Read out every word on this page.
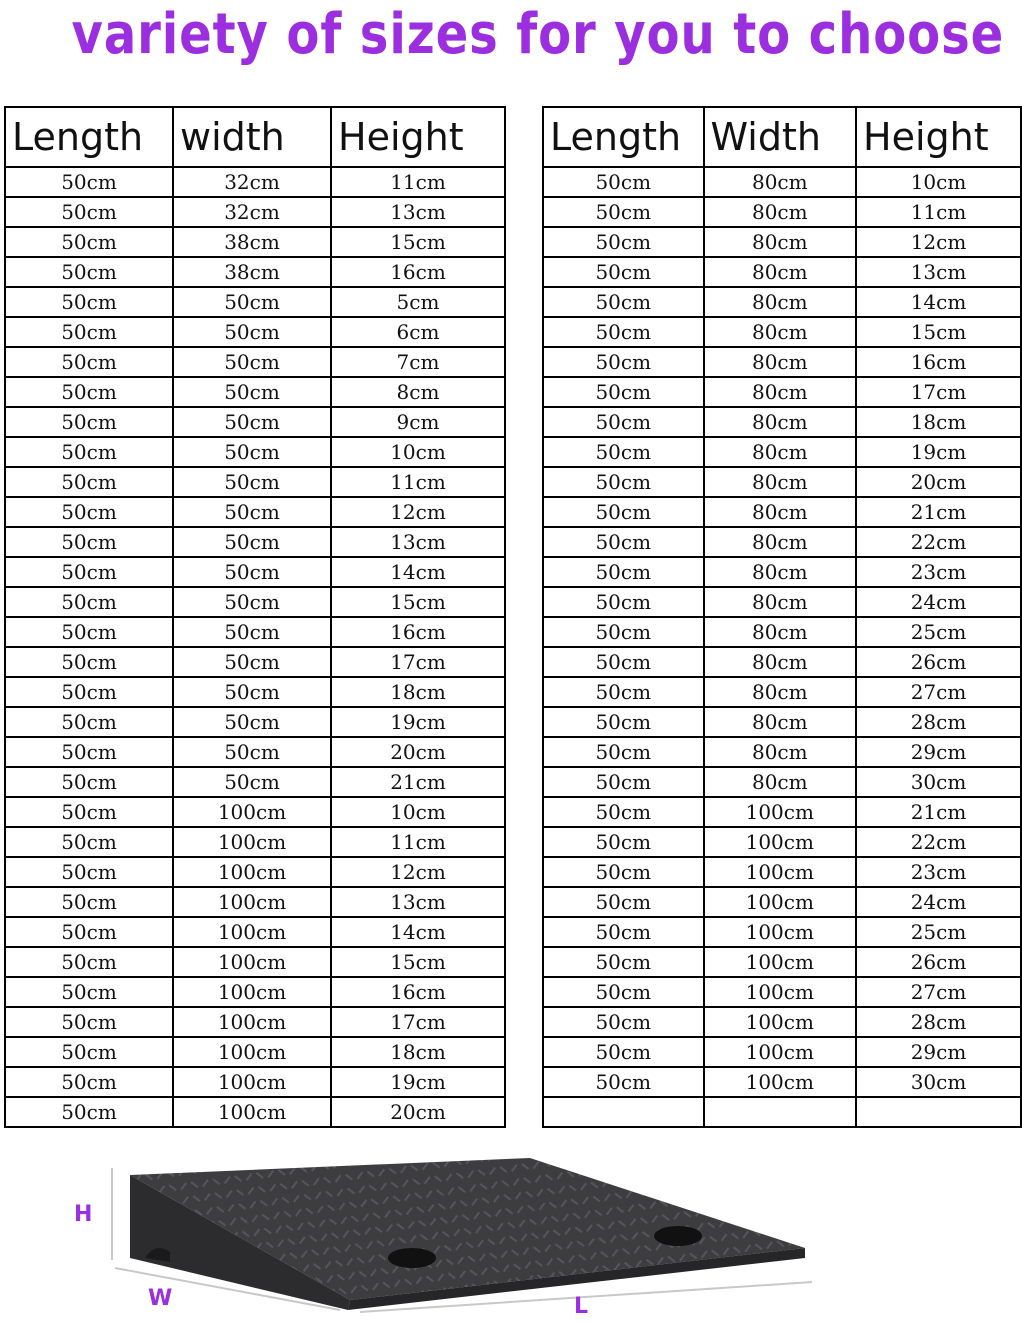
variety of sizes for you to choose
Length	width	Height
50cm	32cm	11cm
50cm	32cm	13cm
50cm	38cm	15cm
50cm	38cm	16cm
50cm	50cm	5cm
50cm	50cm	6cm
50cm	50cm	7cm
50cm	50cm	8cm
50cm	50cm	9cm
50cm	50cm	10cm
50cm	50cm	11cm
50cm	50cm	12cm
50cm	50cm	13cm
50cm	50cm	14cm
50cm	50cm	15cm
50cm	50cm	16cm
50cm	50cm	17cm
50cm	50cm	18cm
50cm	50cm	19cm
50cm	50cm	20cm
50cm	50cm	21cm
50cm	100cm	10cm
50cm	100cm	11cm
50cm	100cm	12cm
50cm	100cm	13cm
50cm	100cm	14cm
50cm	100cm	15cm
50cm	100cm	16cm
50cm	100cm	17cm
50cm	100cm	18cm
50cm	100cm	19cm
50cm	100cm	20cm
Length	Width	Height
50cm	80cm	10cm
50cm	80cm	11cm
50cm	80cm	12cm
50cm	80cm	13cm
50cm	80cm	14cm
50cm	80cm	15cm
50cm	80cm	16cm
50cm	80cm	17cm
50cm	80cm	18cm
50cm	80cm	19cm
50cm	80cm	20cm
50cm	80cm	21cm
50cm	80cm	22cm
50cm	80cm	23cm
50cm	80cm	24cm
50cm	80cm	25cm
50cm	80cm	26cm
50cm	80cm	27cm
50cm	80cm	28cm
50cm	80cm	29cm
50cm	80cm	30cm
50cm	100cm	21cm
50cm	100cm	22cm
50cm	100cm	23cm
50cm	100cm	24cm
50cm	100cm	25cm
50cm	100cm	26cm
50cm	100cm	27cm
50cm	100cm	28cm
50cm	100cm	29cm
50cm	100cm	30cm

H
W	L
